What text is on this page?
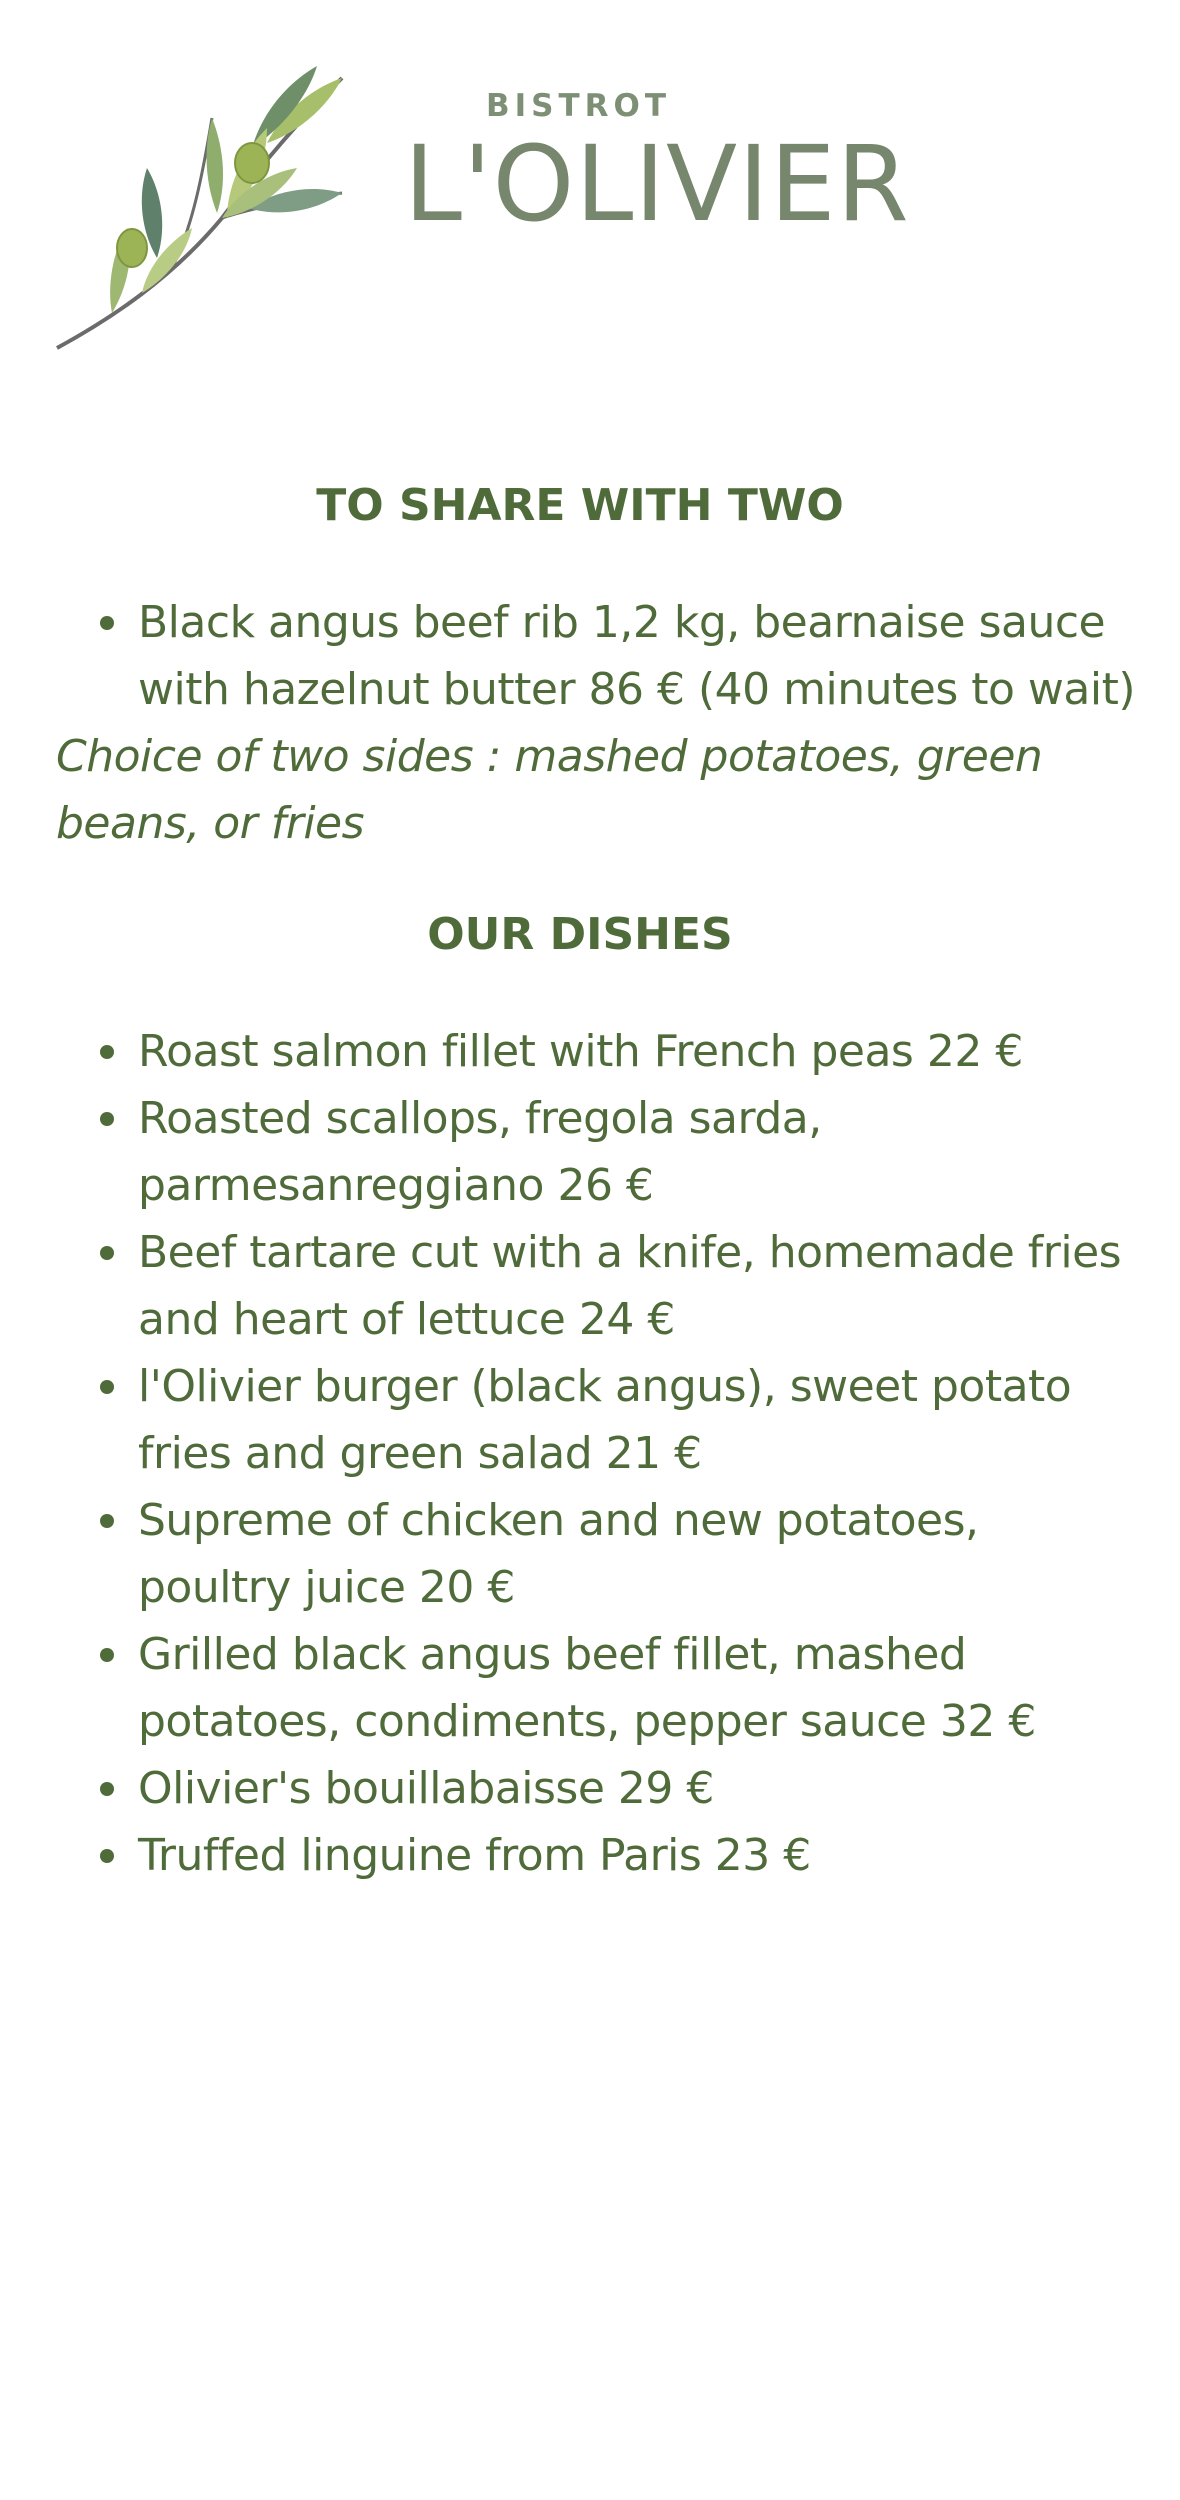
BISTROT
L'OLIVIER
TO SHARE WITH TWO
Black angus beef rib 1,2 kg, bearnaise sauce with hazelnut butter 86 € (40 minutes to wait)

Choice of two sides : mashed potatoes, green beans, or fries

OUR DISHES
Roast salmon fillet with French peas 22 €
Roasted scallops, fregola sarda, parmesanreggiano 26 €
Beef tartare cut with a knife, homemade fries and heart of lettuce 24 €
l'Olivier burger (black angus), sweet potato fries and green salad 21 €
Supreme of chicken and new potatoes, poultry juice 20 €
Grilled black angus beef fillet, mashed potatoes, condiments, pepper sauce 32 €
Olivier's bouillabaisse 29 €
Truffed linguine from Paris 23 €
